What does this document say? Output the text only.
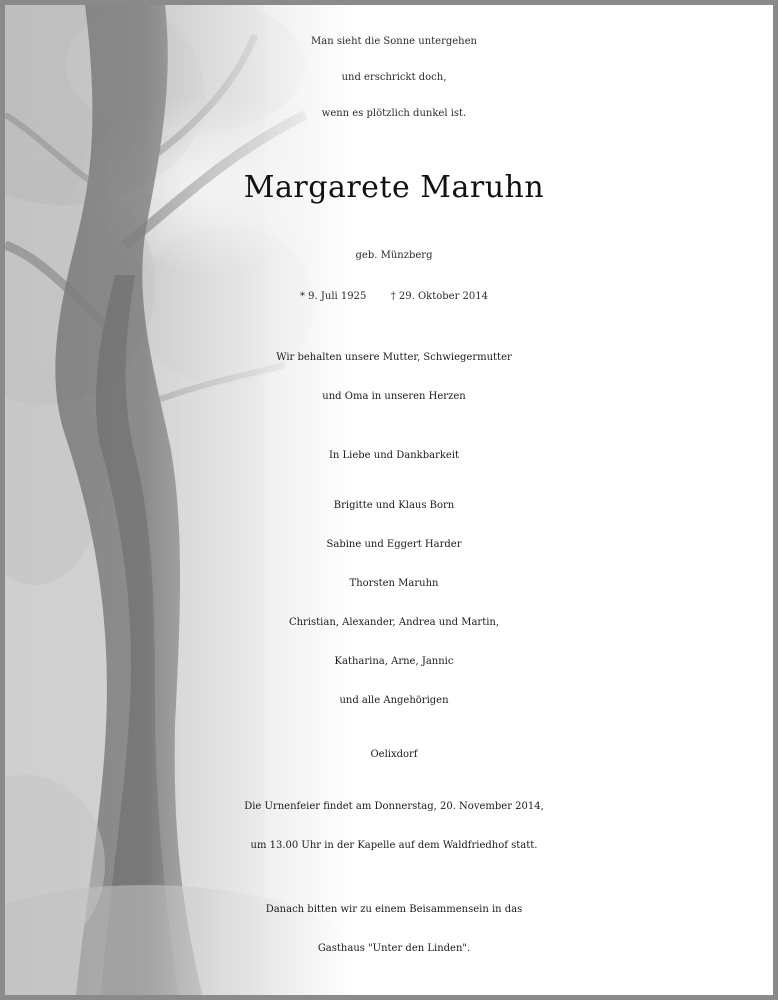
Man sieht die Sonne untergehen
und erschrickt doch,
wenn es plötzlich dunkel ist.
Margarete Maruhn
geb. Münzberg
* 9. Juli 1925 † 29. Oktober 2014
Wir behalten unsere Mutter, Schwiegermutter
und Oma in unseren Herzen
In Liebe und Dankbarkeit
Brigitte und Klaus Born
Sabine und Eggert Harder
Thorsten Maruhn
Christian, Alexander, Andrea und Martin,
Katharina, Arne, Jannic
und alle Angehörigen
Oelixdorf
Die Urnenfeier findet am Donnerstag, 20. November 2014,
um 13.00 Uhr in der Kapelle auf dem Waldfriedhof statt.
Danach bitten wir zu einem Beisammensein in das
Gasthaus "Unter den Linden".
